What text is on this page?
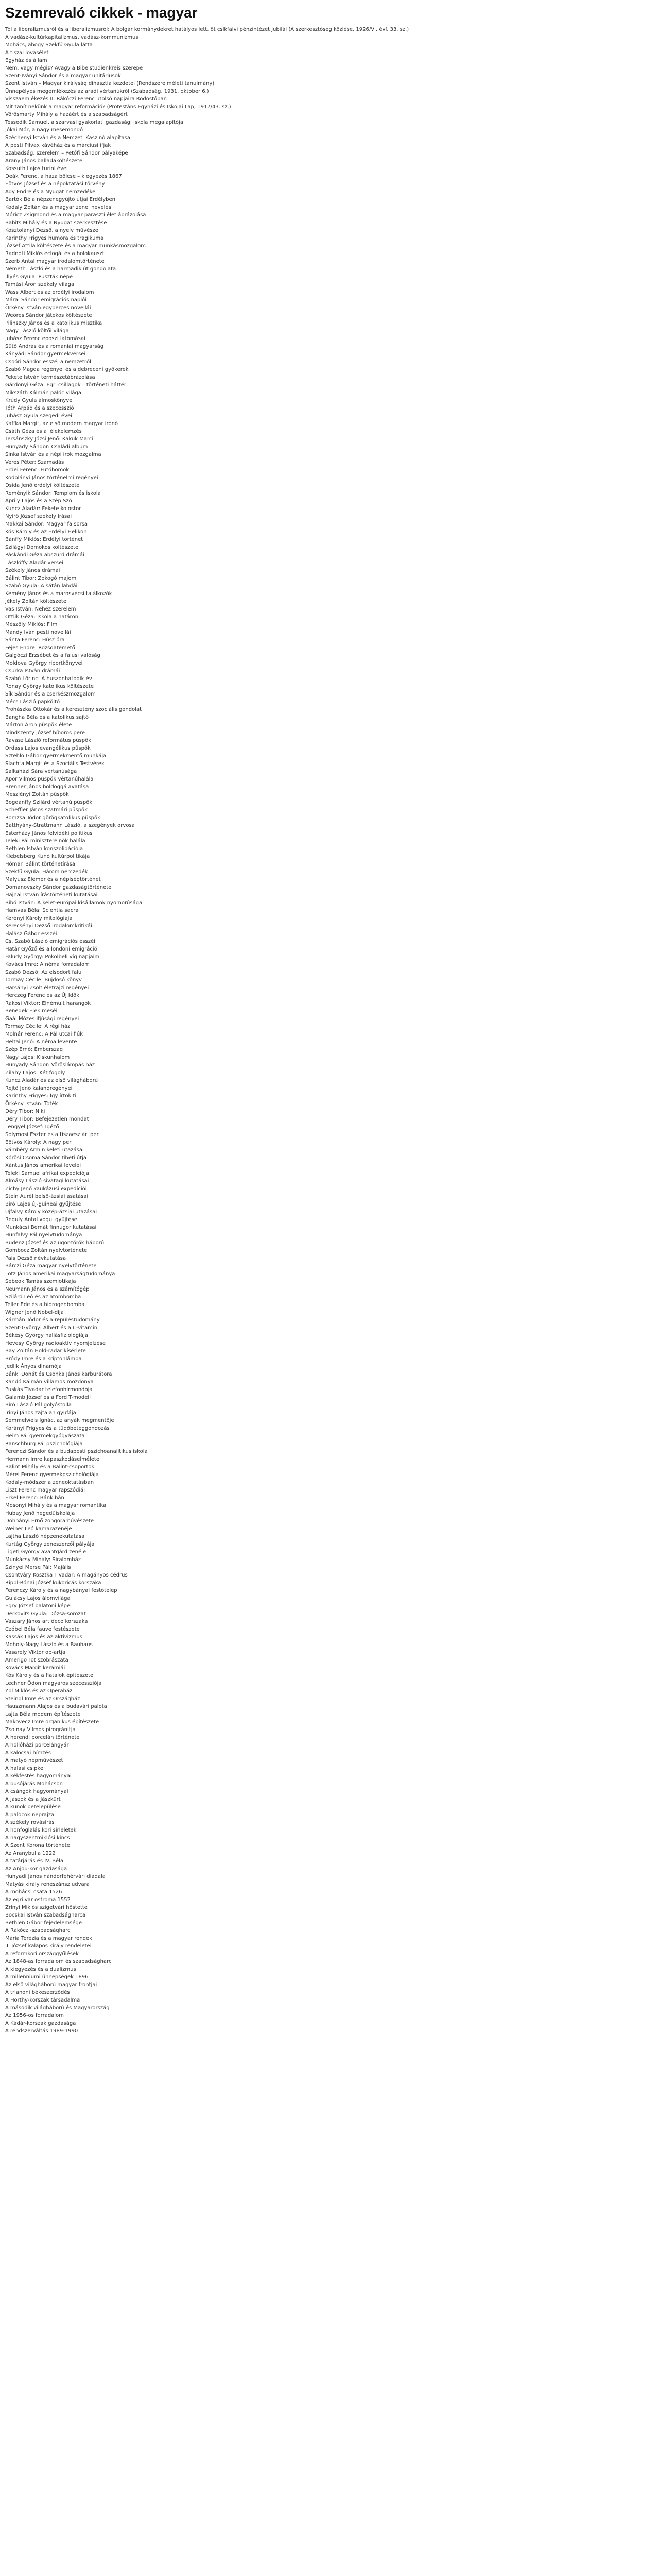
Szemrevaló cikkek - magyar
Tól a liberalizmusról és a liberalizmusról; A bolgár kormánydekret hatályos lett, öt csíkfalvi pénzintézet jubilál (A szerkesztőség közlése, 1926/VI. évf. 33. sz.)
A vadász-kultúrkapitalizmus, vadász-kommunizmus
Mohács, ahogy Szekfű Gyula látta
A tiszai lovasélet
Egyház és állam
Nem, vagy mégis? Avagy a Bibelstudienkreis szerepe
Szent-Iványi Sándor és a magyar unitáriusok
Szent István – Magyar királyság dinasztia kezdetei (Rendszerelméleti tanulmány)
Ünnepélyes megemlékezés az aradi vértanúkról (Szabadság, 1931. október 6.)
Visszaemlékezés II. Rákóczi Ferenc utolsó napjaira Rodostóban
Mit tanít nekünk a magyar reformáció? (Protestáns Egyházi és Iskolai Lap, 1917/43. sz.)
Vörösmarty Mihály a hazáért és a szabadságért
Tessedik Sámuel, a szarvasi gyakorlati gazdasági iskola megalapítója
Jókai Mór, a nagy mesemondó
Széchenyi István és a Nemzeti Kaszinó alapítása
A pesti Pilvax kávéház és a márciusi ifjak
Szabadság, szerelem – Petőfi Sándor pályaképe
Arany János balladaköltészete
Kossuth Lajos turini évei
Deák Ferenc, a haza bölcse – kiegyezés 1867
Eötvös József és a népoktatási törvény
Ady Endre és a Nyugat nemzedéke
Bartók Béla népzenegyűjtő útjai Erdélyben
Kodály Zoltán és a magyar zenei nevelés
Móricz Zsigmond és a magyar paraszti élet ábrázolása
Babits Mihály és a Nyugat szerkesztése
Kosztolányi Dezső, a nyelv művésze
Karinthy Frigyes humora és tragikuma
József Attila költészete és a magyar munkásmozgalom
Radnóti Miklós eclogái és a holokauszt
Szerb Antal magyar irodalomtörténete
Németh László és a harmadik út gondolata
Illyés Gyula: Puszták népe
Tamási Áron székely világa
Wass Albert és az erdélyi irodalom
Márai Sándor emigrációs naplói
Örkény István egyperces novellái
Weöres Sándor játékos költészete
Pilinszky János és a katolikus misztika
Nagy László költői világa
Juhász Ferenc eposzi látomásai
Sütő András és a romániai magyarság
Kányádi Sándor gyermekversei
Csoóri Sándor esszéi a nemzetről
Szabó Magda regényei és a debreceni gyökerek
Fekete István természetábrázolása
Gárdonyi Géza: Egri csillagok – történeti háttér
Mikszáth Kálmán palóc világa
Krúdy Gyula álmoskönyve
Tóth Árpád és a szecesszió
Juhász Gyula szegedi évei
Kaffka Margit, az első modern magyar írónő
Csáth Géza és a lélekelemzés
Tersánszky Józsi Jenő: Kakuk Marci
Hunyady Sándor: Családi album
Sinka István és a népi írók mozgalma
Veres Péter: Számadás
Erdei Ferenc: Futóhomok
Kodolányi János történelmi regényei
Dsida Jenő erdélyi költészete
Reményik Sándor: Templom és iskola
Áprily Lajos és a Szép Szó
Kuncz Aladár: Fekete kolostor
Nyírő József székely írásai
Makkai Sándor: Magyar fa sorsa
Kós Károly és az Erdélyi Helikon
Bánffy Miklós: Erdélyi történet
Szilágyi Domokos költészete
Páskándi Géza abszurd drámái
Lászlóffy Aladár versei
Székely János drámái
Bálint Tibor: Zokogó majom
Szabó Gyula: A sátán labdái
Kemény János és a marosvécsi találkozók
Jékely Zoltán költészete
Vas István: Nehéz szerelem
Ottlik Géza: Iskola a határon
Mészöly Miklós: Film
Mándy Iván pesti novellái
Sánta Ferenc: Húsz óra
Fejes Endre: Rozsdatemető
Galgóczi Erzsébet és a falusi valóság
Moldova György riportkönyvei
Csurka István drámái
Szabó Lőrinc: A huszonhatodik év
Rónay György katolikus költészete
Sík Sándor és a cserkészmozgalom
Mécs László papköltő
Prohászka Ottokár és a keresztény szociális gondolat
Bangha Béla és a katolikus sajtó
Márton Áron püspök élete
Mindszenty József bíboros pere
Ravasz László református püspök
Ordass Lajos evangélikus püspök
Sztehlo Gábor gyermekmentő munkája
Slachta Margit és a Szociális Testvérek
Salkaházi Sára vértanúsága
Apor Vilmos püspök vértanúhalála
Brenner János boldoggá avatása
Meszlényi Zoltán püspök
Bogdánffy Szilárd vértanú püspök
Scheffler János szatmári püspök
Romzsa Tódor görögkatolikus püspök
Batthyány-Strattmann László, a szegények orvosa
Esterházy János felvidéki politikus
Teleki Pál miniszterelnök halála
Bethlen István konszolidációja
Klebelsberg Kunó kultúrpolitikája
Hóman Bálint történetírása
Szekfű Gyula: Három nemzedék
Mályusz Elemér és a népiségtörténet
Domanovszky Sándor gazdaságtörténete
Hajnal István írástörténeti kutatásai
Bibó István: A kelet-európai kisállamok nyomorúsága
Hamvas Béla: Scientia sacra
Kerényi Károly mitológiája
Kerecsényi Dezső irodalomkritikái
Halász Gábor esszéi
Cs. Szabó László emigrációs esszéi
Határ Győző és a londoni emigráció
Faludy György: Pokolbeli víg napjaim
Kovács Imre: A néma forradalom
Szabó Dezső: Az elsodort falu
Tormay Cécile: Bujdosó könyv
Harsányi Zsolt életrajzi regényei
Herczeg Ferenc és az Új Idők
Rákosi Viktor: Elnémult harangok
Benedek Elek meséi
Gaál Mózes ifjúsági regényei
Tormay Cécile: A régi ház
Molnár Ferenc: A Pál utcai fiúk
Heltai Jenő: A néma levente
Szép Ernő: Emberszag
Nagy Lajos: Kiskunhalom
Hunyady Sándor: Vöröslámpás ház
Zilahy Lajos: Két fogoly
Kuncz Aladár és az első világháború
Rejtő Jenő kalandregényei
Karinthy Frigyes: Így írtok ti
Örkény István: Tóték
Déry Tibor: Niki
Déry Tibor: Befejezetlen mondat
Lengyel József: Igéző
Solymosi Eszter és a tiszaeszlári per
Eötvös Károly: A nagy per
Vámbéry Ármin keleti utazásai
Kőrösi Csoma Sándor tibeti útja
Xántus János amerikai levelei
Teleki Sámuel afrikai expedíciója
Almásy László sivatagi kutatásai
Zichy Jenő kaukázusi expedíciói
Stein Aurél belső-ázsiai ásatásai
Bíró Lajos új-guineai gyűjtése
Ujfalvy Károly közép-ázsiai utazásai
Reguly Antal vogul gyűjtése
Munkácsi Bernát finnugor kutatásai
Hunfalvy Pál nyelvtudománya
Budenz József és az ugor-török háború
Gombocz Zoltán nyelvtörténete
Pais Dezső névkutatása
Bárczi Géza magyar nyelvtörténete
Lotz János amerikai magyarságtudománya
Sebeok Tamás szemiotikája
Neumann János és a számítógép
Szilárd Leó és az atombomba
Teller Ede és a hidrogénbomba
Wigner Jenő Nobel-díja
Kármán Tódor és a repüléstudomány
Szent-Györgyi Albert és a C-vitamin
Békésy György hallásfiziológiája
Hevesy György radioaktív nyomjelzése
Bay Zoltán Hold-radar kísérlete
Bródy Imre és a kriptonlámpa
Jedlik Ányos dinamója
Bánki Donát és Csonka János karburátora
Kandó Kálmán villamos mozdonya
Puskás Tivadar telefonhírmondója
Galamb József és a Ford T-modell
Bíró László Pál golyóstolla
Irinyi János zajtalan gyufája
Semmelweis Ignác, az anyák megmentője
Korányi Frigyes és a tüdőbeteggondozás
Heim Pál gyermekgyógyászata
Ranschburg Pál pszichológiája
Ferenczi Sándor és a budapesti pszichoanalitikus iskola
Hermann Imre kapaszkodáselmélete
Balint Mihály és a Balint-csoportok
Mérei Ferenc gyermekpszichológiája
Kodály-módszer a zeneoktatásban
Liszt Ferenc magyar rapszódiái
Erkel Ferenc: Bánk bán
Mosonyi Mihály és a magyar romantika
Hubay Jenő hegedűiskolája
Dohnányi Ernő zongoraművészete
Weiner Leó kamarazenéje
Lajtha László népzenekutatása
Kurtág György zeneszerzői pályája
Ligeti György avantgárd zenéje
Munkácsy Mihály: Siralomház
Szinyei Merse Pál: Majális
Csontváry Kosztka Tivadar: A magányos cédrus
Rippl-Rónai József kukoricás korszaka
Ferenczy Károly és a nagybányai festőtelep
Gulácsy Lajos álomvilága
Egry József balatoni képei
Derkovits Gyula: Dózsa-sorozat
Vaszary János art deco korszaka
Czóbel Béla fauve festészete
Kassák Lajos és az aktivizmus
Moholy-Nagy László és a Bauhaus
Vasarely Viktor op-artja
Amerigo Tot szobrászata
Kovács Margit kerámiái
Kós Károly és a fiatalok építészete
Lechner Ödön magyaros szecessziója
Ybl Miklós és az Operaház
Steindl Imre és az Országház
Hauszmann Alajos és a budavári palota
Lajta Béla modern építészete
Makovecz Imre organikus építészete
Zsolnay Vilmos pirogránitja
A herendi porcelán története
A hollóházi porcelángyár
A kalocsai hímzés
A matyó népművészet
A halasi csipke
A kékfestés hagyományai
A busójárás Mohácson
A csángók hagyományai
A jászok és a Jászkürt
A kunok betelepülése
A palócok néprajza
A székely rovásírás
A honfoglalás kori sírleletek
A nagyszentmiklósi kincs
A Szent Korona története
Az Aranybulla 1222
A tatárjárás és IV. Béla
Az Anjou-kor gazdasága
Hunyadi János nándorfehérvári diadala
Mátyás király reneszánsz udvara
A mohácsi csata 1526
Az egri vár ostroma 1552
Zrínyi Miklós szigetvári hőstette
Bocskai István szabadságharca
Bethlen Gábor fejedelemsége
A Rákóczi-szabadságharc
Mária Terézia és a magyar rendek
II. József kalapos király rendeletei
A reformkori országgyűlések
Az 1848-as forradalom és szabadságharc
A kiegyezés és a dualizmus
A millenniumi ünnepségek 1896
Az első világháború magyar frontjai
A trianoni békeszerződés
A Horthy-korszak társadalma
A második világháború és Magyarország
Az 1956-os forradalom
A Kádár-korszak gazdasága
A rendszerváltás 1989-1990
